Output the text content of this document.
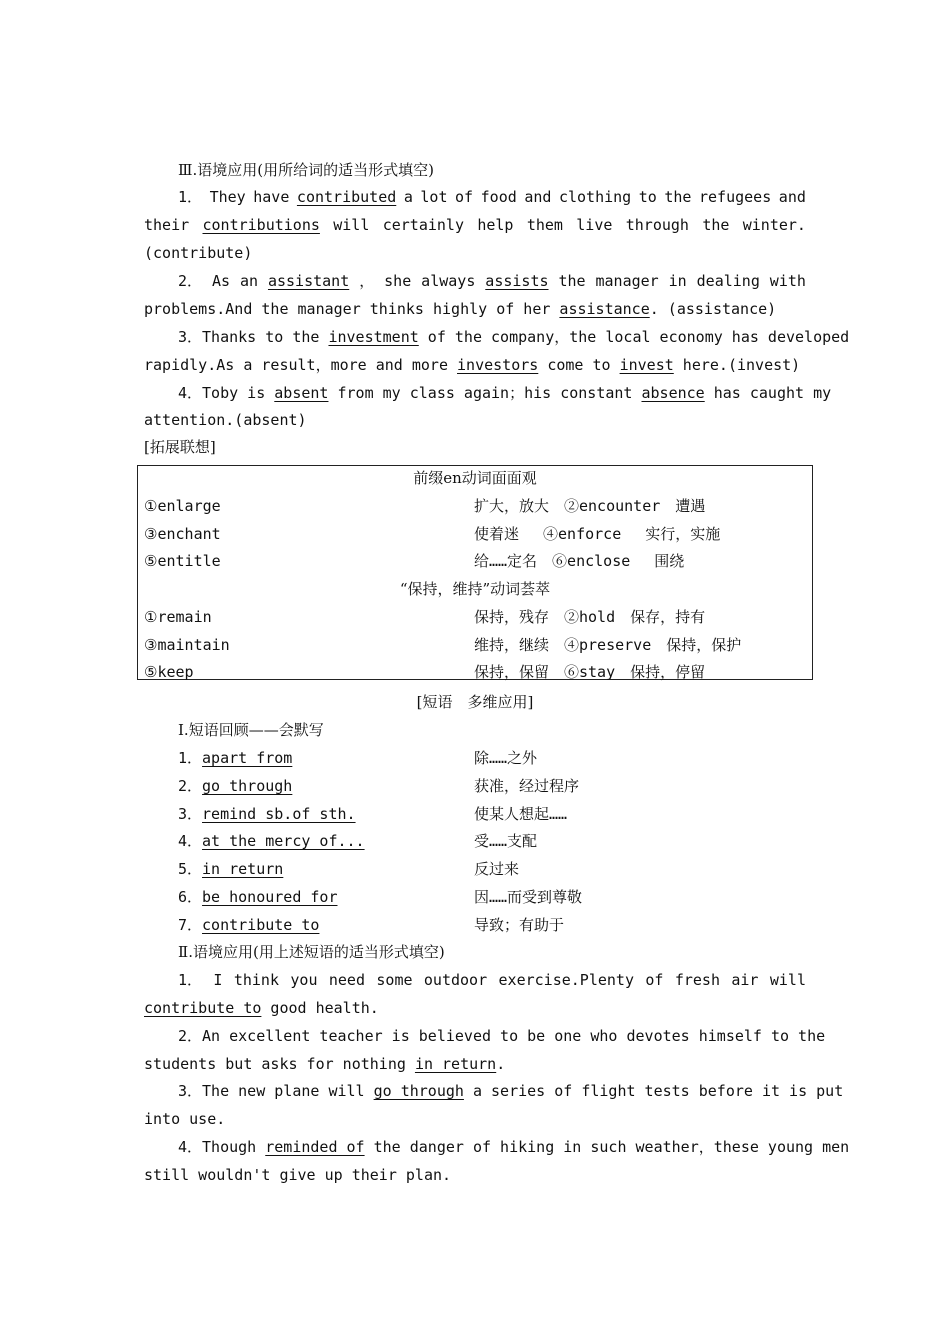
Ⅲ.语境应用(用所给词的适当形式填空)
1． They have contributed a lot of food and clothing to the refugees and
their contributions will certainly help them live through the winter.
(contribute)
2． As an assistant ， she always assists the manager in dealing with
problems.And the manager thinks highly of her assistance. (assistance)
3．Thanks to the investment of the company，the local economy has developed
rapidly.As a result，more and more investors come to invest here.(invest)
4．Toby is absent from my class again；his constant absence has caught my
attention.(absent)
[拓展联想]
前缀en动词面面观
①enlarge	扩大，放大　②encounter　遭遇
③enchant	使着迷　 ④enforce　 实行，实施
⑤entitle	给……定名　⑥enclose　 围绕
“保持，维持”动词荟萃
①remain	保持，残存　②hold　保存，持有
③maintain	维持，继续　④preserve　保持，保护
⑤keep	保持，保留　⑥stay　保持，停留
[短语　多维应用]
Ⅰ.短语回顾——会默写
1．apart from	除……之外
2．go through	获准，经过程序
3．remind sb.of sth.	使某人想起……
4．at the mercy of...	受……支配
5．in return	反过来
6．be honoured for	因……而受到尊敬
7．contribute to	导致；有助于
Ⅱ.语境应用(用上述短语的适当形式填空)
1． I think you need some outdoor exercise.Plenty of fresh air will
contribute to good health.
2．An excellent teacher is believed to be one who devotes himself to the
students but asks for nothing in return.
3．The new plane will go through a series of flight tests before it is put
into use.
4．Though reminded of the danger of hiking in such weather，these young men
still wouldn't give up their plan.
